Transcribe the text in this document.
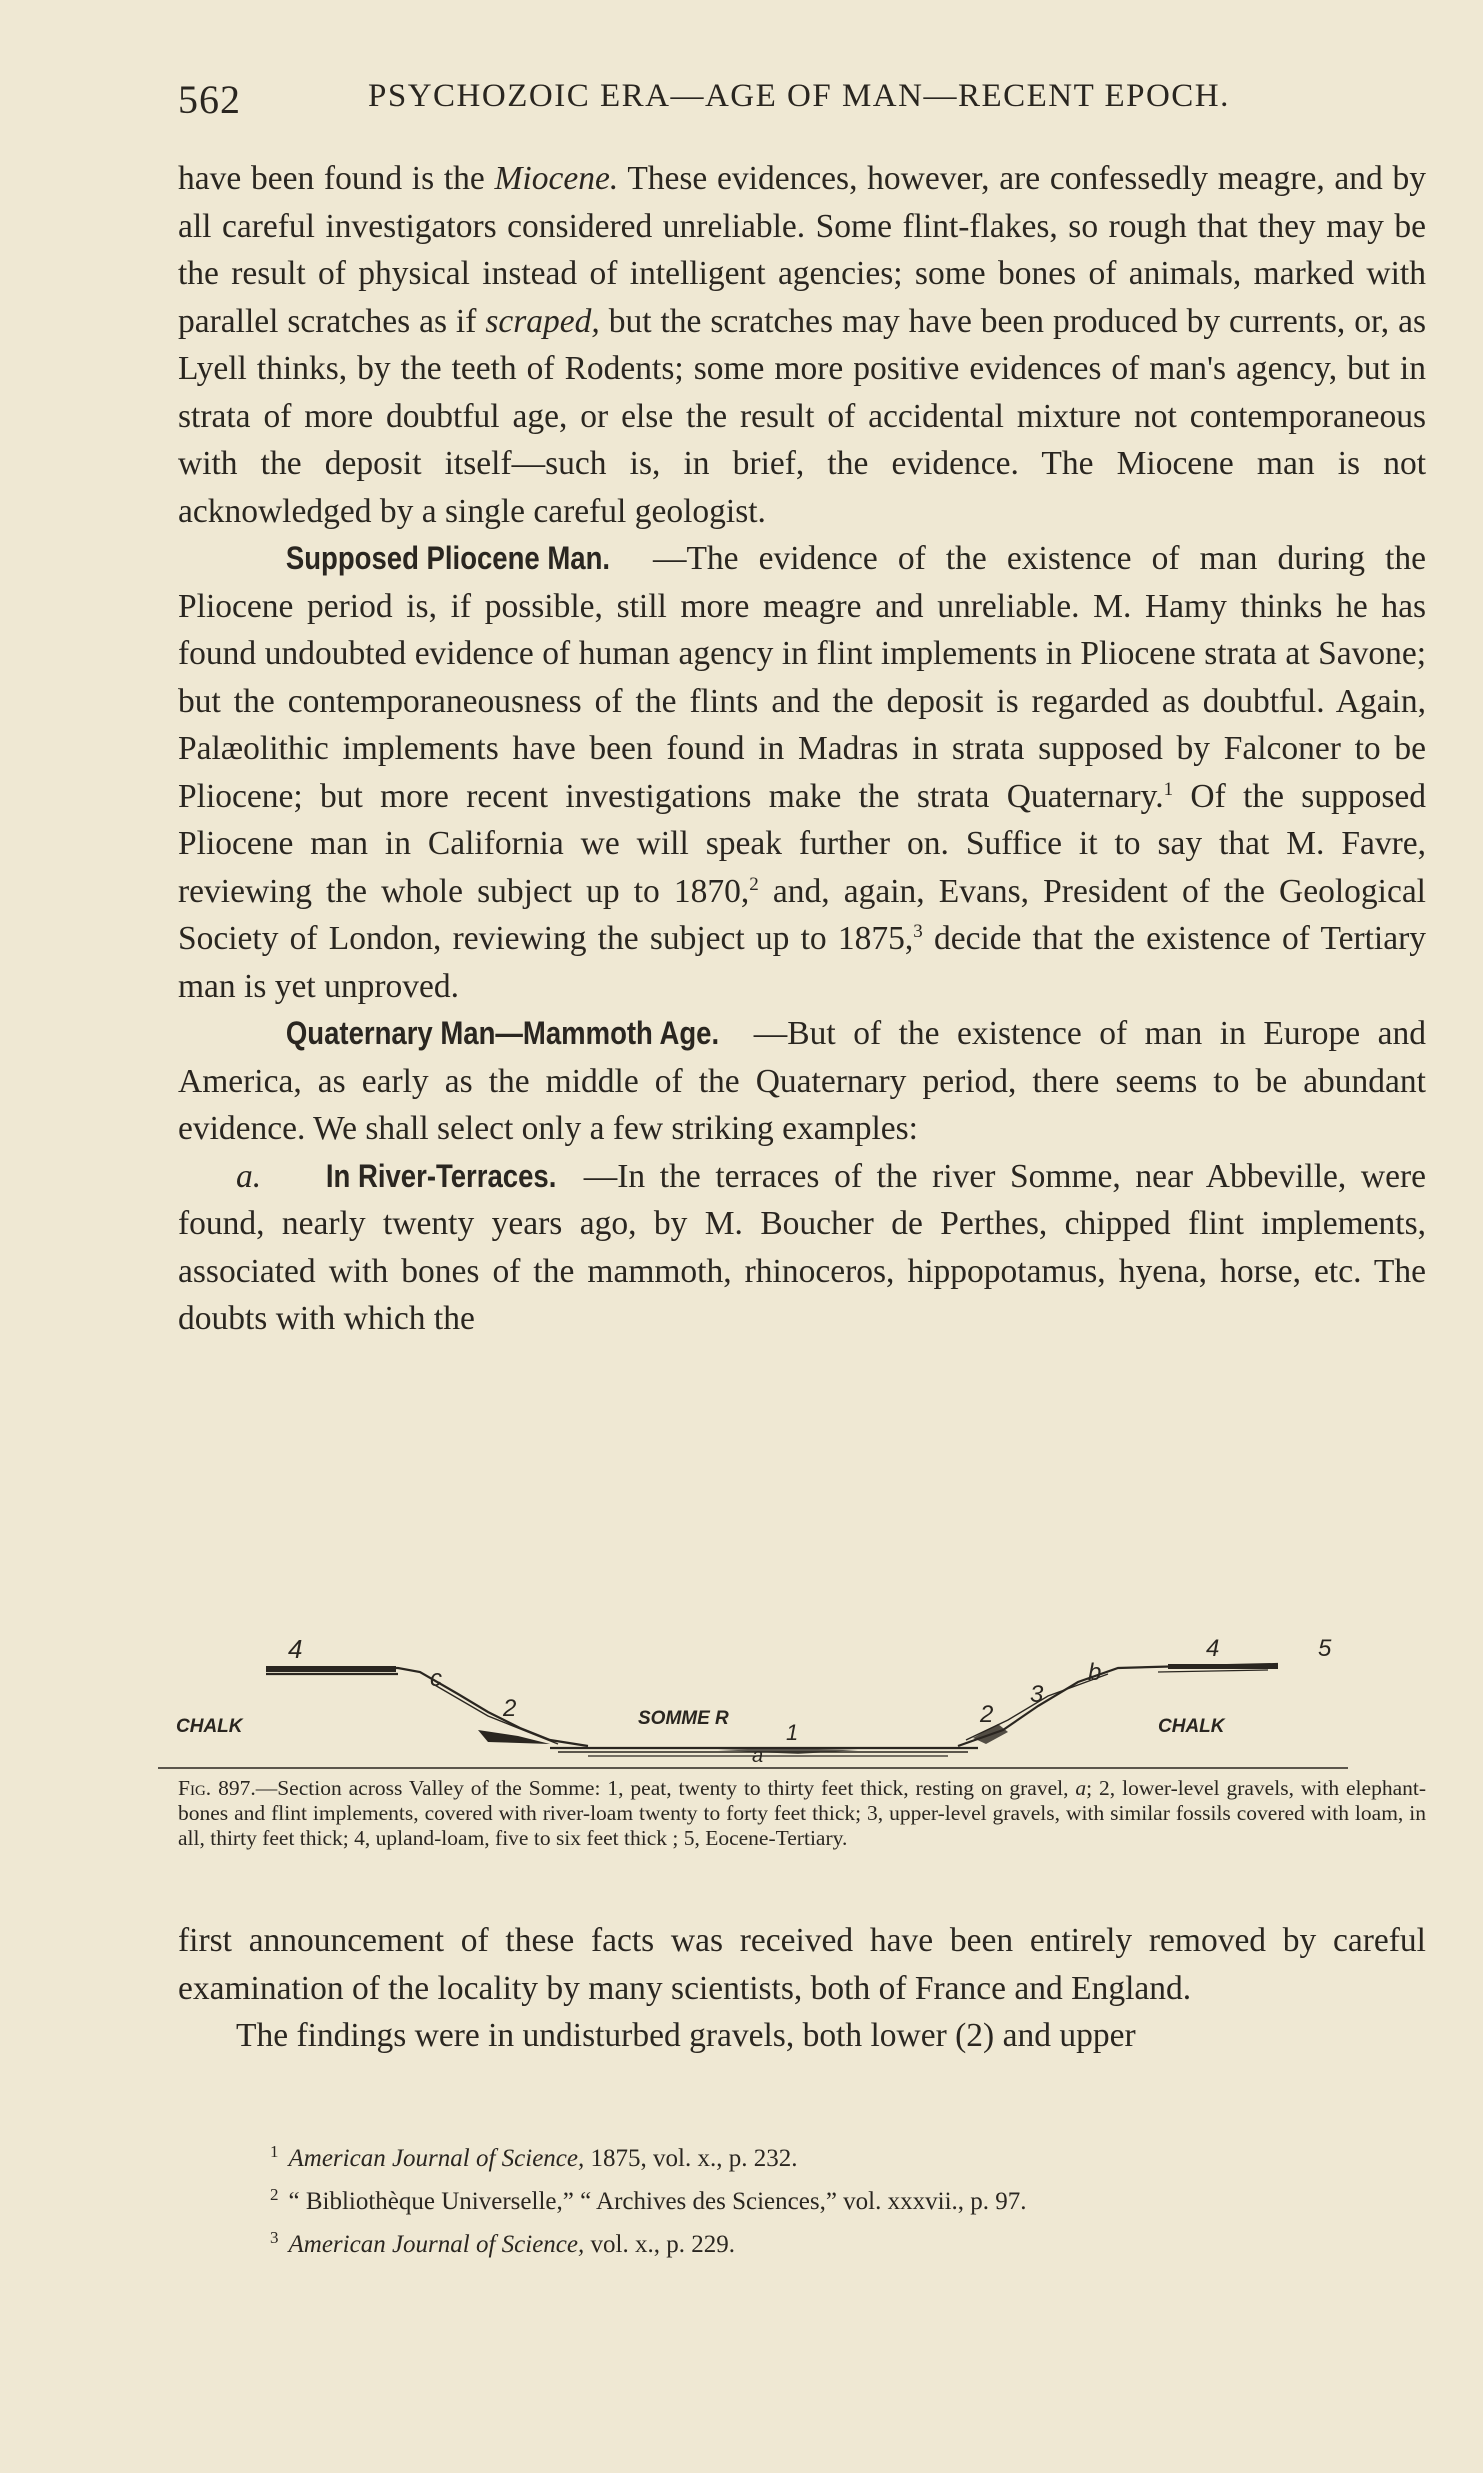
562	PSYCHOZOIC ERA—AGE OF MAN—RECENT EPOCH.

have been found is the Miocene. These evidences, however, are confessedly meagre, and by all careful investigators considered unreliable. Some flint-flakes, so rough that they may be the result of physical instead of intelligent agencies; some bones of animals, marked with parallel scratches as if scraped, but the scratches may have been produced by currents, or, as Lyell thinks, by the teeth of Rodents; some more positive evidences of man's agency, but in strata of more doubtful age, or else the result of accidental mixture not contemporaneous with the deposit itself—such is, in brief, the evidence. The Miocene man is not acknowledged by a single careful geologist.

Supposed Pliocene Man. —The evidence of the existence of man during the Pliocene period is, if possible, still more meagre and unreliable. M. Hamy thinks he has found undoubted evidence of human agency in flint implements in Pliocene strata at Savone; but the contemporaneousness of the flints and the deposit is regarded as doubtful. Again, Palæolithic implements have been found in Madras in strata supposed by Falconer to be Pliocene; but more recent investigations make the strata Quaternary.$^1$ Of the supposed Pliocene man in California we will speak further on. Suffice it to say that M. Favre, reviewing the whole subject up to 1870,$^2$ and, again, Evans, President of the Geological Society of London, reviewing the subject up to 1875,$^3$ decide that the existence of Tertiary man is yet unproved.

Quaternary Man—Mammoth Age. —But of the existence of man in Europe and America, as early as the middle of the Quaternary period, there seems to be abundant evidence. We shall select only a few striking examples:

a. In River-Terraces. —In the terraces of the river Somme, near Abbeville, were found, nearly twenty years ago, by M. Boucher de Perthes, chipped flint implements, associated with bones of the mammoth, rhinoceros, hippopotamus, hyena, horse, etc. The doubts with which the

CHALK	CHALK
SOMME R
4	4	5
c	b
2	2
3
1
a

Fig. 897.—Section across Valley of the Somme: 1, peat, twenty to thirty feet thick, resting on gravel, a; 2, lower-level gravels, with elephant-bones and flint implements, covered with river-loam twenty to forty feet thick; 3, upper-level gravels, with similar fossils covered with loam, in all, thirty feet thick; 4, upland-loam, five to six feet thick ; 5, Eocene-Tertiary.

first announcement of these facts was received have been entirely removed by careful examination of the locality by many scientists, both of France and England.

The findings were in undisturbed gravels, both lower (2) and upper

$^1$ American Journal of Science, 1875, vol. x., p. 232.

$^2$ “ Bibliothèque Universelle,” “ Archives des Sciences,” vol. xxxvii., p. 97.

$^3$ American Journal of Science, vol. x., p. 229.
